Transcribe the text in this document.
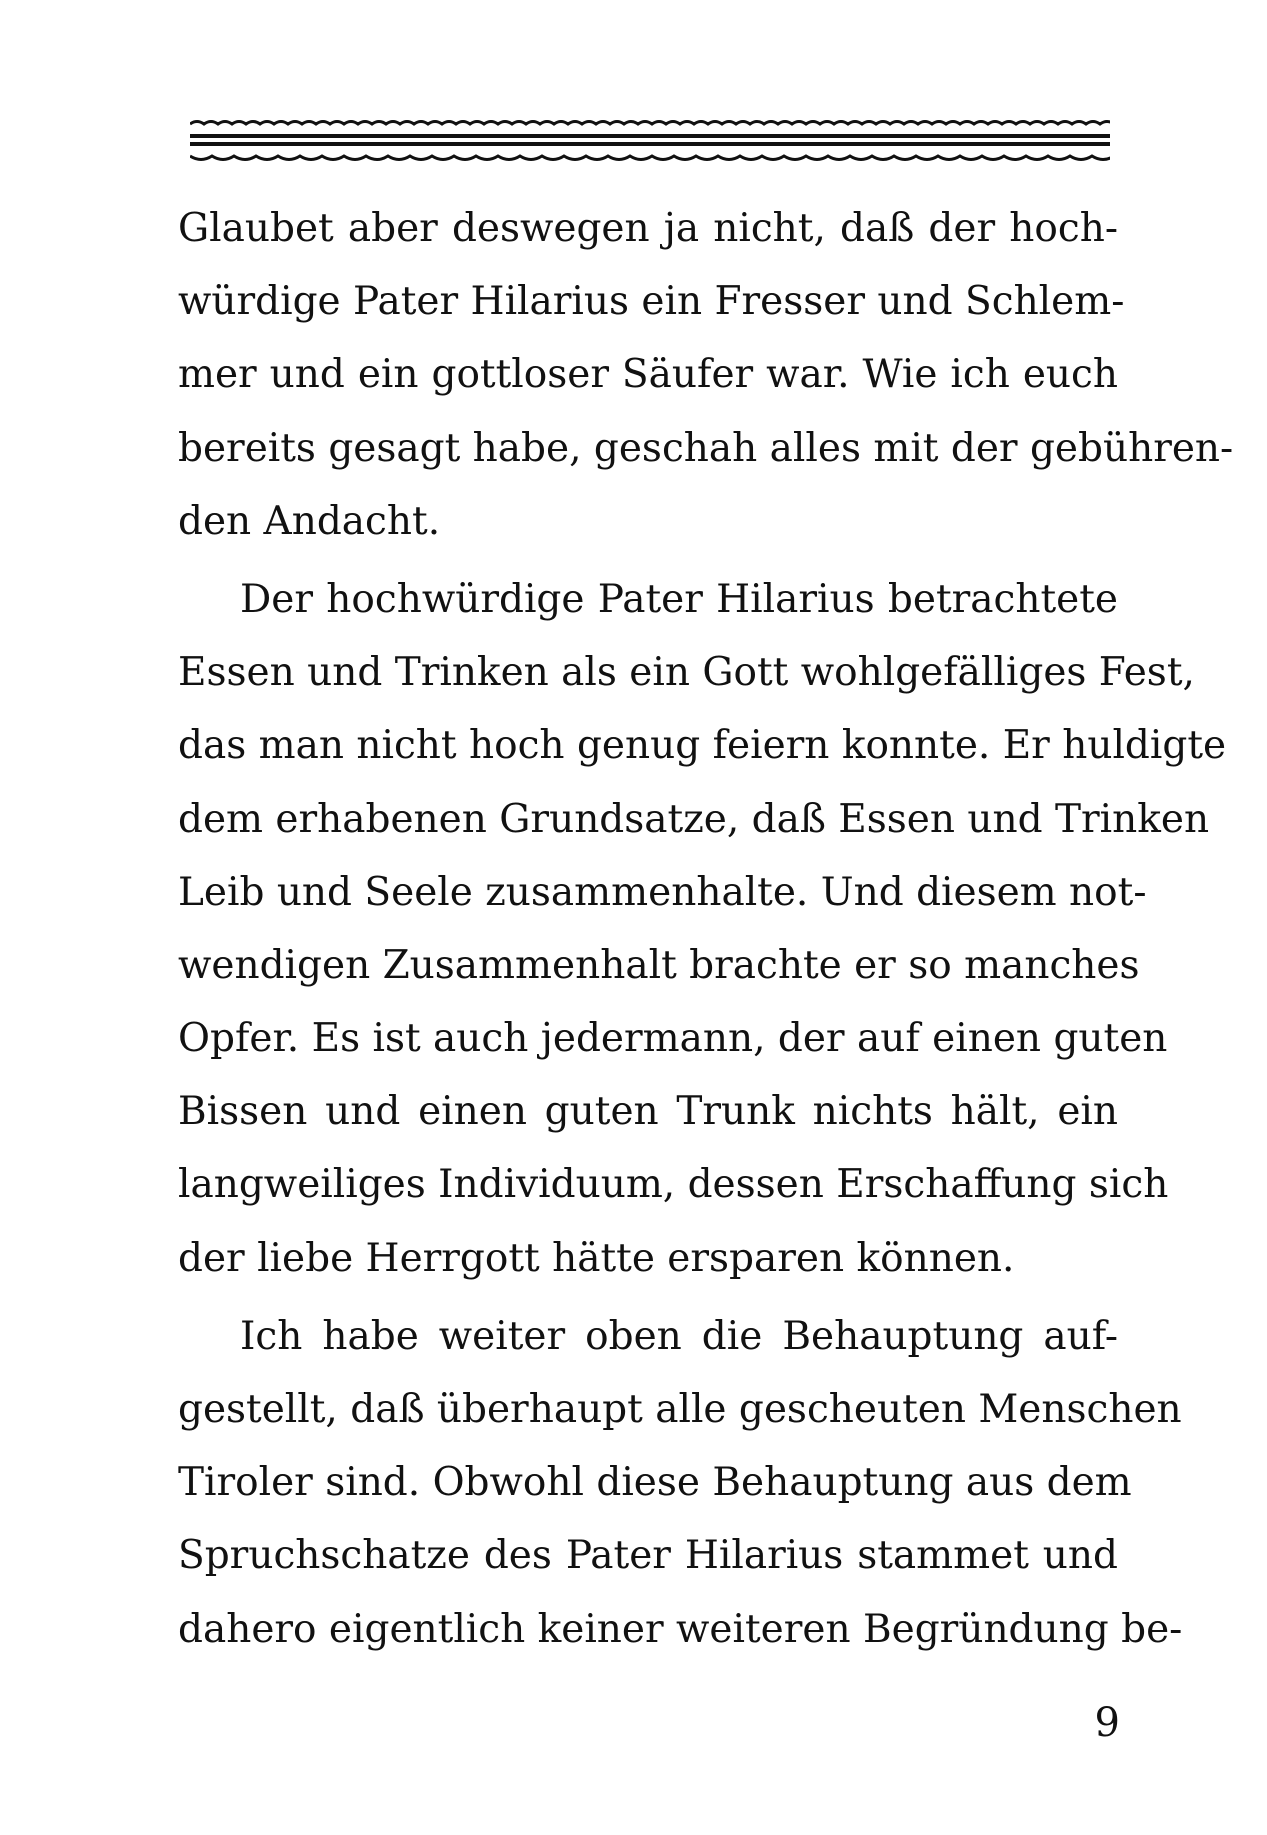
Glaubet aber deswegen ja nicht, daß der hoch-
würdige Pater Hilarius ein Fresser und Schlem-
mer und ein gottloser Säufer war. Wie ich euch
bereits gesagt habe, geschah alles mit der gebühren-
den Andacht.
Der hochwürdige Pater Hilarius betrachtete
Essen und Trinken als ein Gott wohlgefälliges Fest,
das man nicht hoch genug feiern konnte. Er huldigte
dem erhabenen Grundsatze, daß Essen und Trinken
Leib und Seele zusammenhalte. Und diesem not-
wendigen Zusammenhalt brachte er so manches
Opfer. Es ist auch jedermann, der auf einen guten
Bissen und einen guten Trunk nichts hält, ein
langweiliges Individuum, dessen Erschaffung sich
der liebe Herrgott hätte ersparen können.
Ich habe weiter oben die Behauptung auf-
gestellt, daß überhaupt alle gescheuten Menschen
Tiroler sind. Obwohl diese Behauptung aus dem
Spruchschatze des Pater Hilarius stammet und
dahero eigentlich keiner weiteren Begründung be-
9
